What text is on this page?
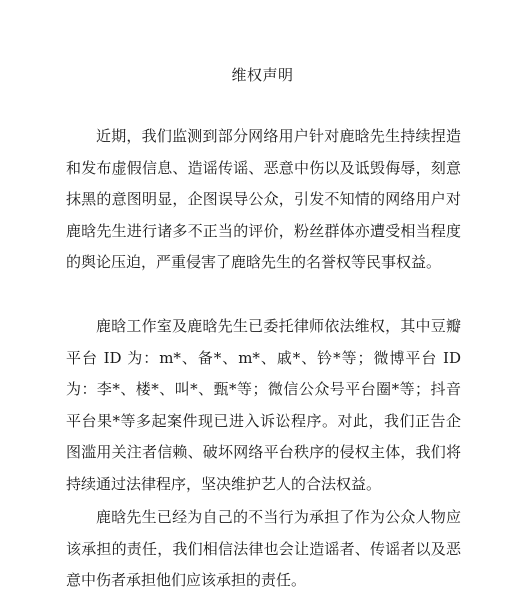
维权声明

近期，我们监测到部分网络用户针对鹿晗先生持续捏造和发布虚假信息、造谣传谣、恶意中伤以及诋毁侮辱，刻意抹黑的意图明显，企图误导公众，引发不知情的网络用户对鹿晗先生进行诸多不正当的评价，粉丝群体亦遭受相当程度的舆论压迫，严重侵害了鹿晗先生的名誉权等民事权益。

鹿晗工作室及鹿晗先生已委托律师依法维权，其中豆瓣平台 ID 为：m*、备*、m*、戚*、钤*等；微博平台 ID 为：李*、楼*、叫*、甄*等；微信公众号平台圈*等；抖音平台果*等多起案件现已进入诉讼程序。对此，我们正告企图滥用关注者信赖、破坏网络平台秩序的侵权主体，我们将持续通过法律程序，坚决维护艺人的合法权益。

鹿晗先生已经为自己的不当行为承担了作为公众人物应该承担的责任，我们相信法律也会让造谣者、传谣者以及恶意中伤者承担他们应该承担的责任。
